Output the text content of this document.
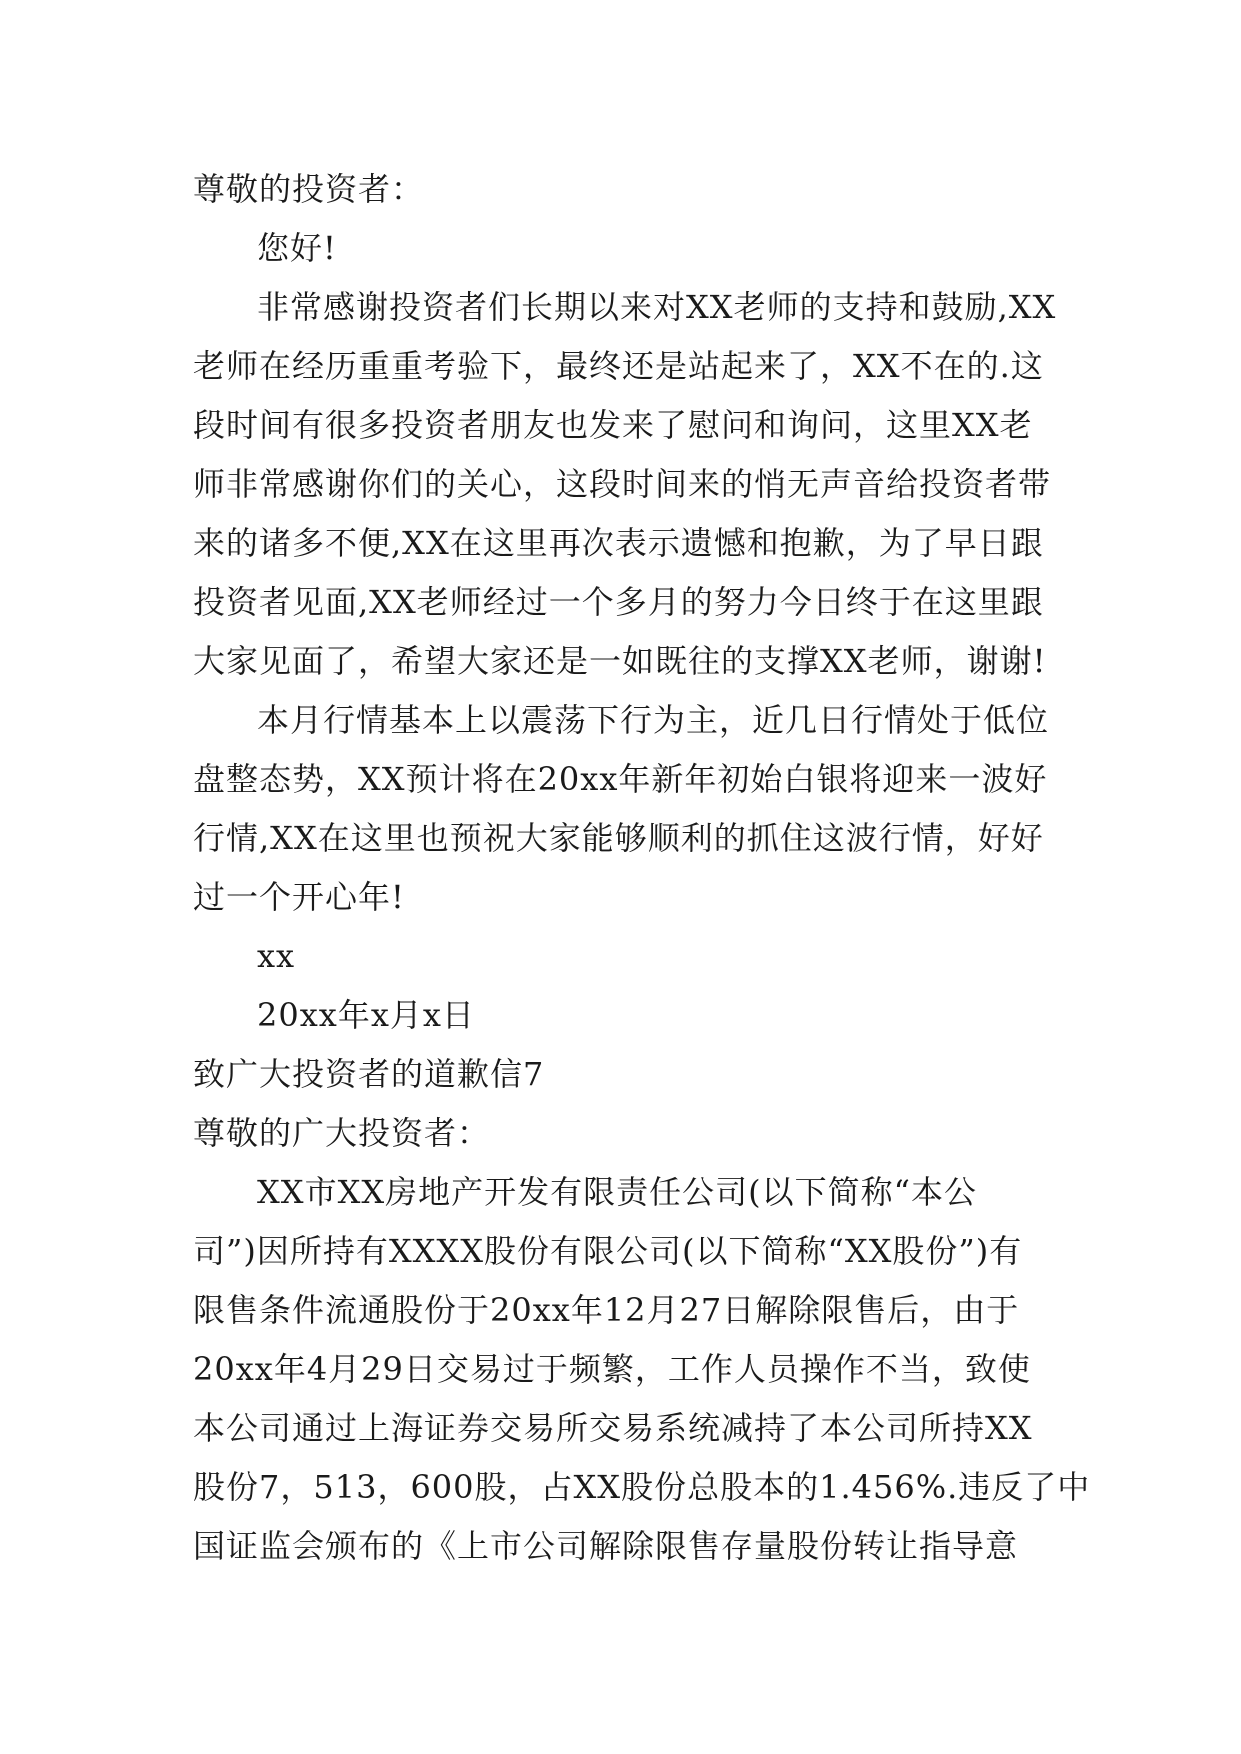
尊敬的投资者：
您好!
非常感谢投资者们长期以来对XX老师的支持和鼓励,XX
老师在经历重重考验下，最终还是站起来了，XX不在的.这
段时间有很多投资者朋友也发来了慰问和询问，这里XX老
师非常感谢你们的关心，这段时间来的悄无声音给投资者带
来的诸多不便,XX在这里再次表示遗憾和抱歉，为了早日跟
投资者见面,XX老师经过一个多月的努力今日终于在这里跟
大家见面了，希望大家还是一如既往的支撑XX老师，谢谢!
本月行情基本上以震荡下行为主，近几日行情处于低位
盘整态势，XX预计将在20xx年新年初始白银将迎来一波好
行情,XX在这里也预祝大家能够顺利的抓住这波行情，好好
过一个开心年!
xx
20xx年x月x日
致广大投资者的道歉信7
尊敬的广大投资者：
XX市XX房地产开发有限责任公司(以下简称“本公
司”)因所持有XXXX股份有限公司(以下简称“XX股份”)有
限售条件流通股份于20xx年12月27日解除限售后，由于
20xx年4月29日交易过于频繁，工作人员操作不当，致使
本公司通过上海证券交易所交易系统减持了本公司所持XX
股份7，513，600股，占XX股份总股本的1.456%.违反了中
国证监会颁布的《上市公司解除限售存量股份转让指导意
